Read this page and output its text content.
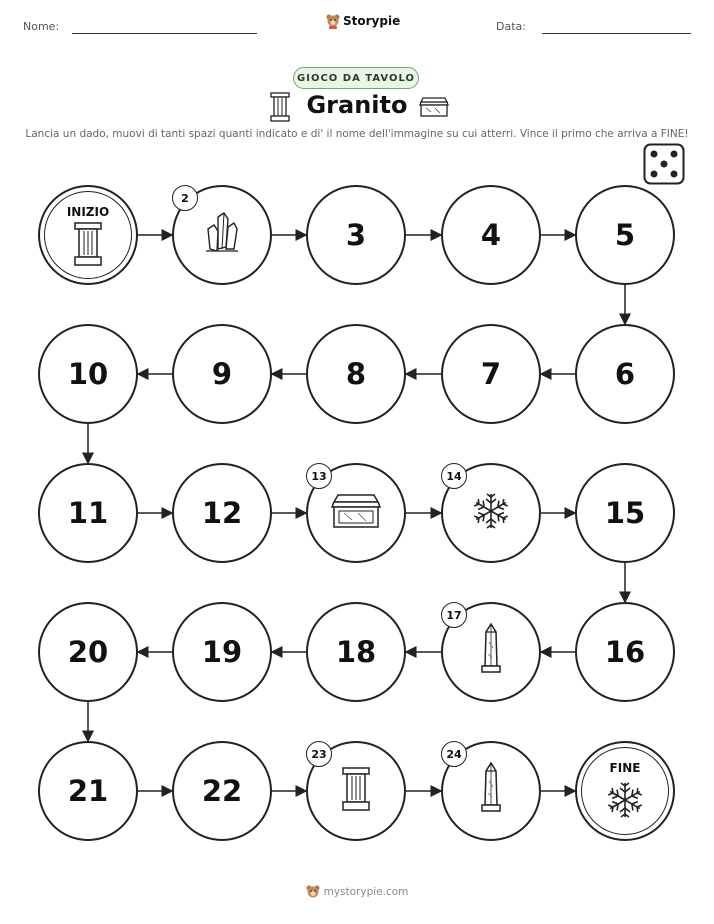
Nome:	Storypie	Data:
GIOCO DA TAVOLO
Granito
Lancia un dado, muovi di tanti spazi quanti indicato e di' il nome dell'immagine su cui atterri. Vince il primo che arriva a FINE!
INIZIO
2
3	4	5
6
7
8
9
10
11	12
13	14
15
16
17
18
19
20
21	22
23	24
FINE
mystorypie.com
